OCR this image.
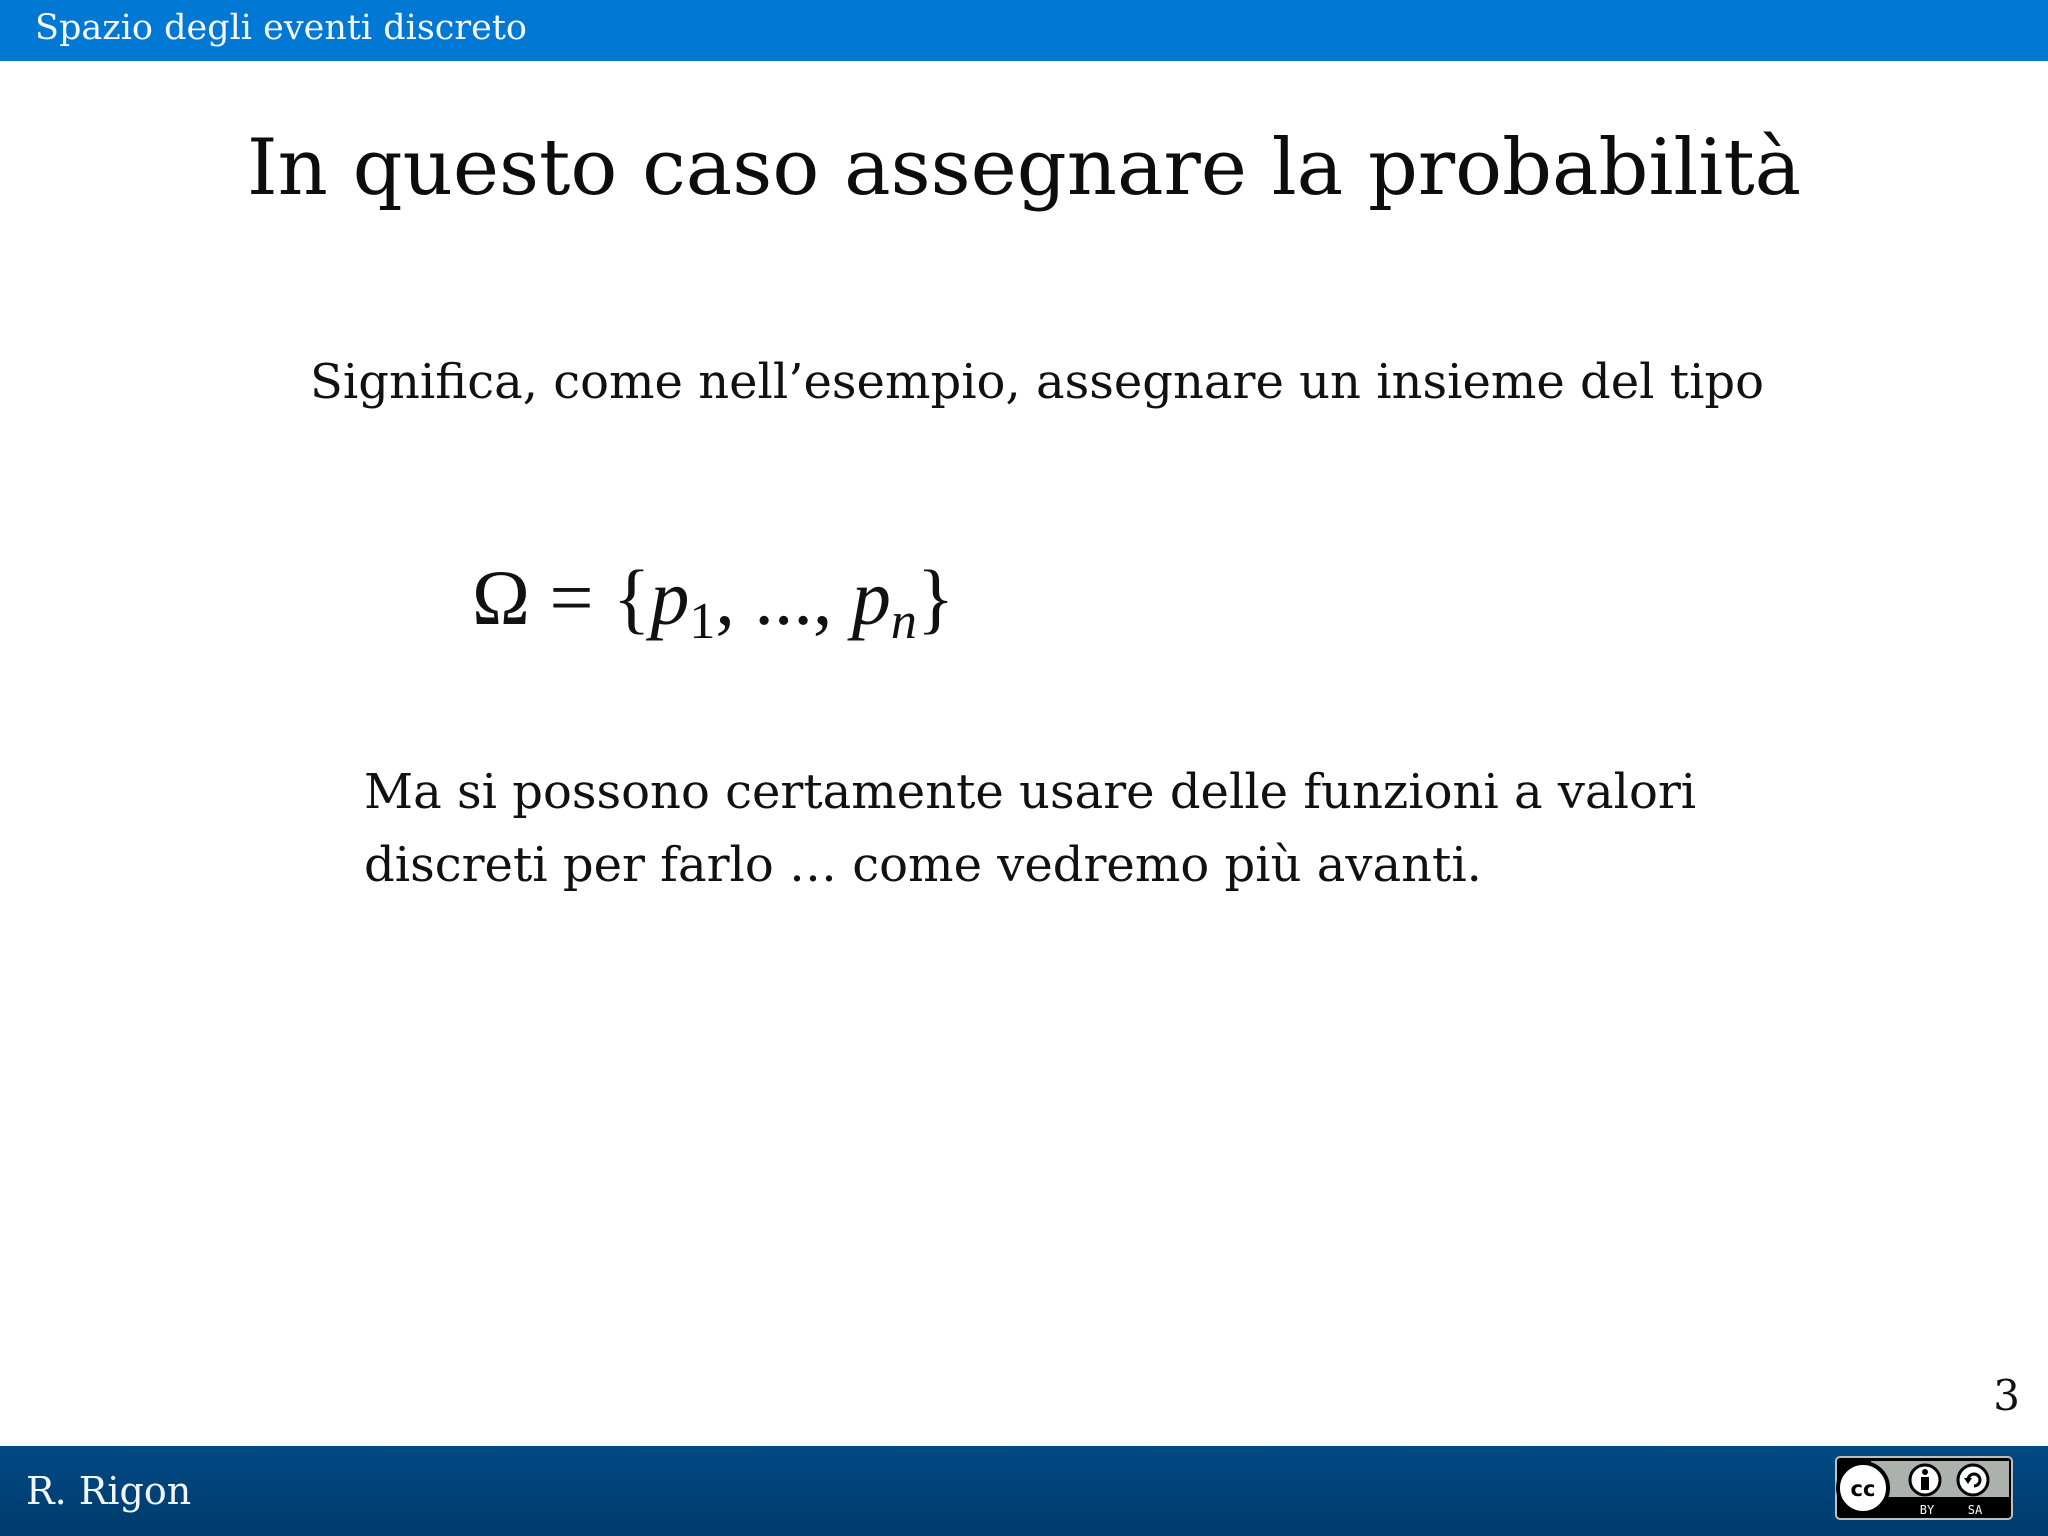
Spazio degli eventi discreto
In questo caso assegnare la probabilità
Significa, come nell’esempio, assegnare un insieme del tipo
$\Omega = \{p_1$, ..., $p_n$}
Ma si possono certamente usare delle funzioni a valori
discreti per farlo … come vedremo più avanti.
3
R. Rigon	cc
BY	SA
